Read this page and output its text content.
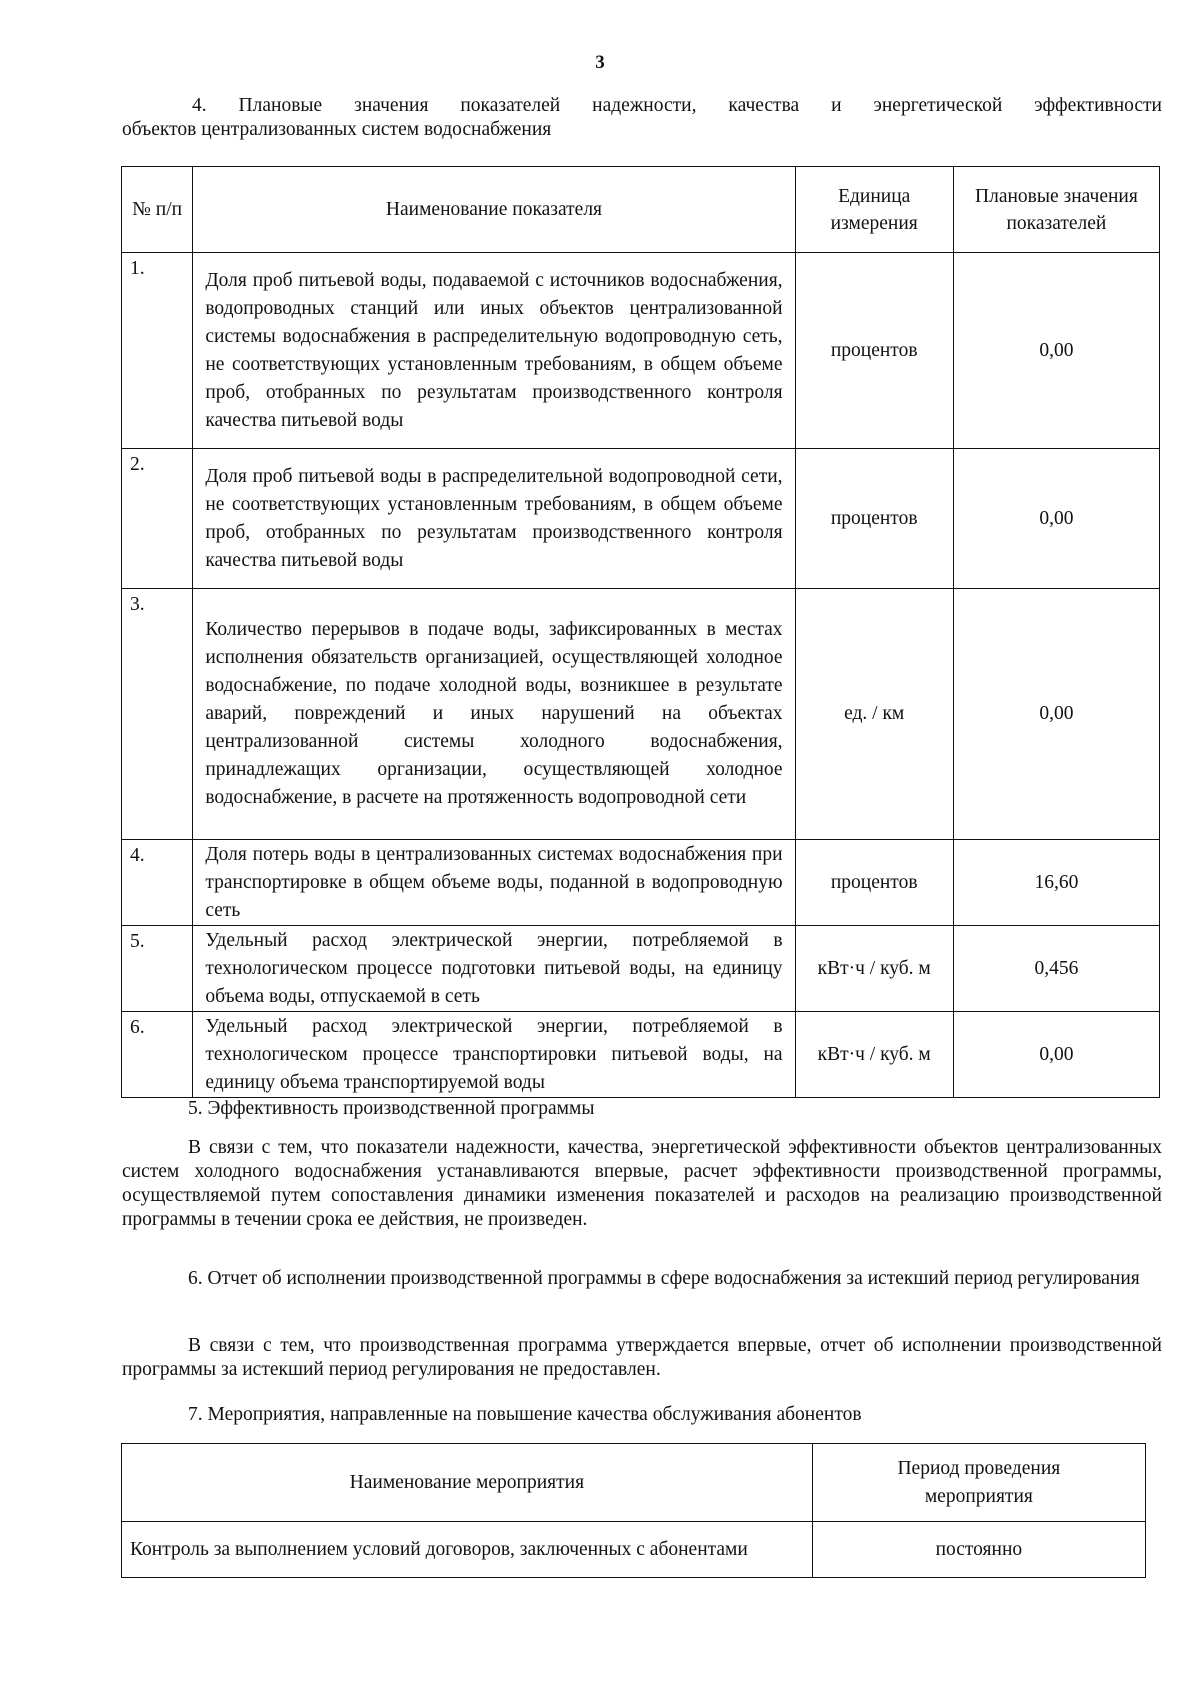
3
4. Плановые значения показателей надежности, качества и энергетической эффективности
объектов централизованных систем водоснабжения
№ п/п	Наименование показателя	Единица измерения	Плановые значения показателей
1.	Доля проб питьевой воды, подаваемой с источников водоснабжения, водопроводных станций или иных объектов централизованной системы водоснабжения в распределительную водопроводную сеть, не соответствующих установленным требованиям, в общем объеме проб, отобранных по результатам производственного контроля качества питьевой воды	процентов	0,00
2.	Доля проб питьевой воды в распределительной водопроводной сети, не соответствующих установленным требованиям, в общем объеме проб, отобранных по результатам производственного контроля качества питьевой воды	процентов	0,00
3.	Количество перерывов в подаче воды, зафиксированных в местах исполнения обязательств организацией, осуществляющей холодное водоснабжение, по подаче холодной воды, возникшее в результате аварий, повреждений и иных нарушений на объектах централизованной системы холодного водоснабжения, принадлежащих организации, осуществляющей холодное водоснабжение, в расчете на протяженность водопроводной сети	ед. / км	0,00
4.	Доля потерь воды в централизованных системах водоснабжения при транспортировке в общем объеме воды, поданной в водопроводную сеть	процентов	16,60
5.	Удельный расход электрической энергии, потребляемой в технологическом процессе подготовки питьевой воды, на единицу объема воды, отпускаемой в сеть	кВт·ч / куб. м	0,456
6.	Удельный расход электрической энергии, потребляемой в технологическом процессе транспортировки питьевой воды, на единицу объема транспортируемой воды	кВт·ч / куб. м	0,00

5. Эффективность производственной программы

В связи с тем, что показатели надежности, качества, энергетической эффективности объектов централизованных систем холодного водоснабжения устанавливаются впервые, расчет эффективности производственной программы, осуществляемой путем сопоставления динамики изменения показателей и расходов на реализацию производственной программы в течении срока ее действия, не произведен.

6. Отчет об исполнении производственной программы в сфере водоснабжения за истекший период регулирования

В связи с тем, что производственная программа утверждается впервые, отчет об исполнении производственной программы за истекший период регулирования не предоставлен.

7. Мероприятия, направленные на повышение качества обслуживания абонентов

Наименование мероприятия	Период проведения мероприятия
Контроль за выполнением условий договоров, заключенных с абонентами	постоянно
